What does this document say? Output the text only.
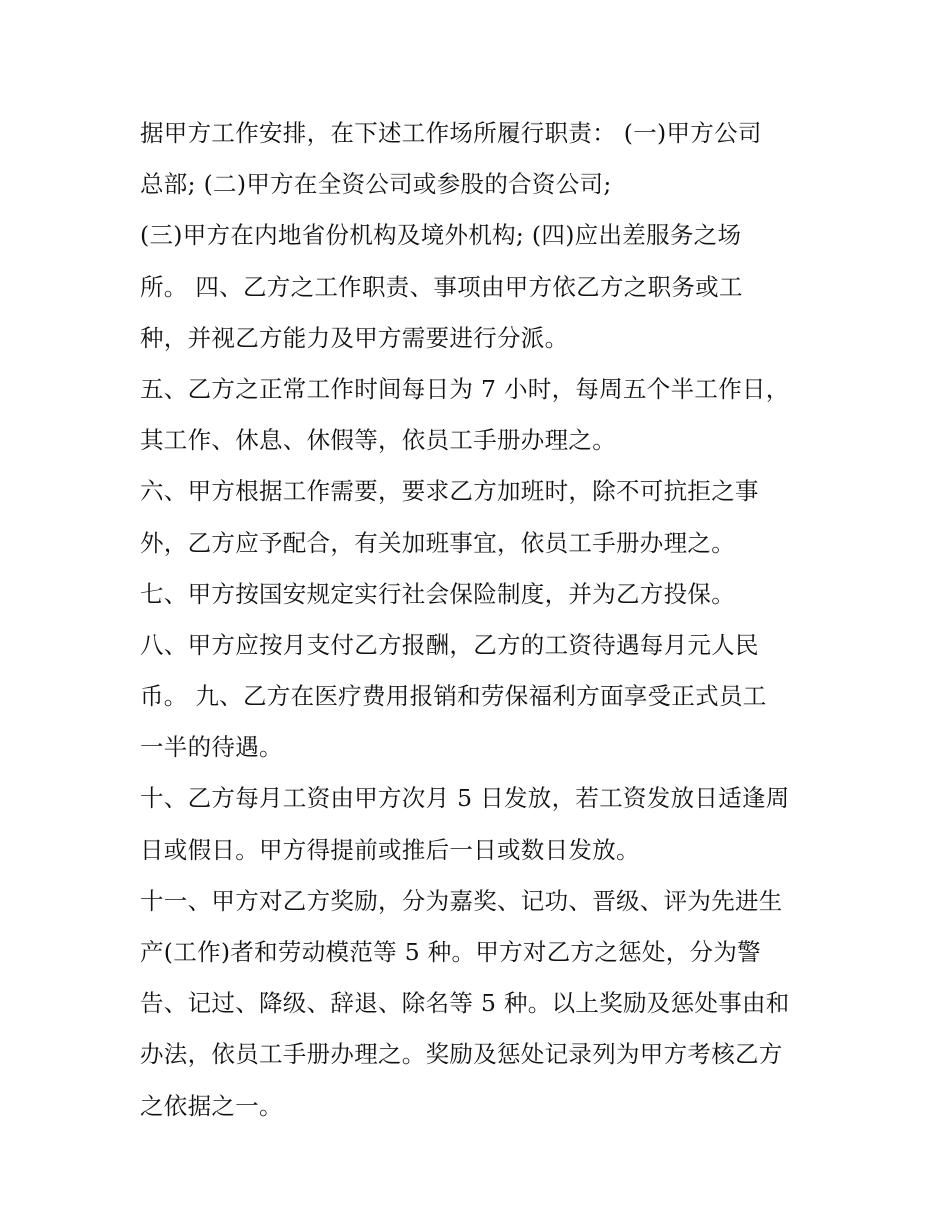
据甲方工作安排，在下述工作场所履行职责： (一)甲方公司
总部; (二)甲方在全资公司或参股的合资公司;
(三)甲方在内地省份机构及境外机构; (四)应出差服务之场
所。 四、乙方之工作职责、事项由甲方依乙方之职务或工
种，并视乙方能力及甲方需要进行分派。
五、乙方之正常工作时间每日为 7 小时，每周五个半工作日，
其工作、休息、休假等，依员工手册办理之。
六、甲方根据工作需要，要求乙方加班时，除不可抗拒之事
外，乙方应予配合，有关加班事宜，依员工手册办理之。
七、甲方按国安规定实行社会保险制度，并为乙方投保。
八、甲方应按月支付乙方报酬，乙方的工资待遇每月元人民
币。 九、乙方在医疗费用报销和劳保福利方面享受正式员工
一半的待遇。
十、乙方每月工资由甲方次月 5 日发放，若工资发放日适逢周
日或假日。甲方得提前或推后一日或数日发放。
十一、甲方对乙方奖励，分为嘉奖、记功、晋级、评为先进生
产(工作)者和劳动模范等 5 种。甲方对乙方之惩处，分为警
告、记过、降级、辞退、除名等 5 种。以上奖励及惩处事由和
办法，依员工手册办理之。奖励及惩处记录列为甲方考核乙方
之依据之一。
